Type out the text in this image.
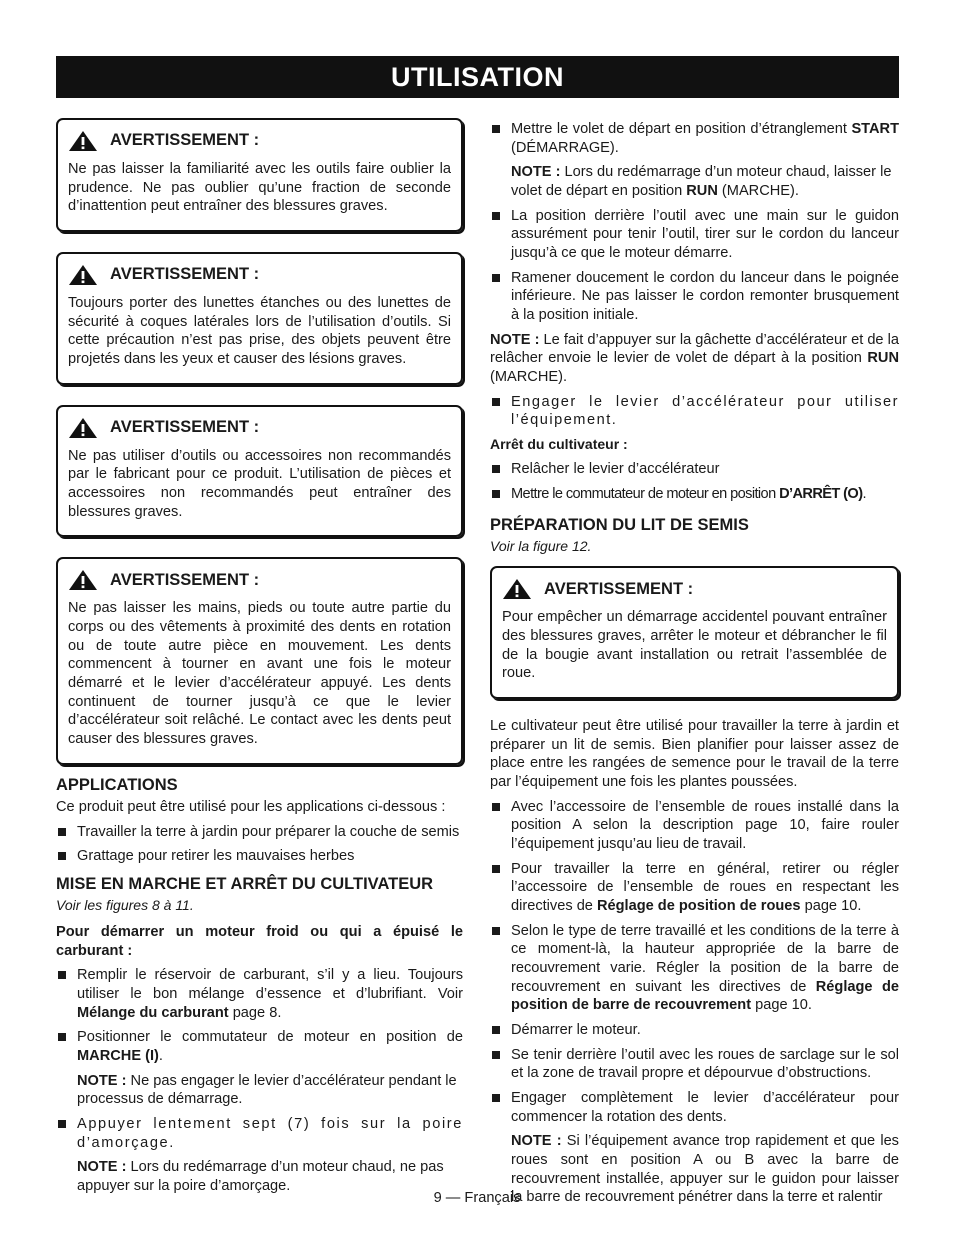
UTILISATION
AVERTISSEMENT :

Ne pas laisser la familiarité avec les outils faire oublier la prudence. Ne pas oublier qu’une fraction de seconde d’inattention peut entraîner des blessures graves.

AVERTISSEMENT :

Toujours porter des lunettes étanches ou des lunettes de sécurité à coques latérales lors de l’utilisation d’outils. Si cette précaution n’est pas prise, des objets peuvent être projetés dans les yeux et causer des lésions graves.

AVERTISSEMENT :

Ne pas utiliser d’outils ou accessoires non recommandés par le fabricant pour ce produit. L’utilisation de pièces et accessoires non recommandés peut entraîner des blessures graves.

AVERTISSEMENT :

Ne pas laisser les mains, pieds ou toute autre partie du corps ou des vêtements à proximité des dents en rotation ou de toute autre pièce en mouvement. Les dents commencent à tourner en avant une fois le moteur démarré et le levier d’accélérateur appuyé. Les dents continuent de tourner jusqu’à ce que le levier d’accélérateur soit relâché. Le contact avec les dents peut causer des blessures graves.

APPLICATIONS

Ce produit peut être utilisé pour les applications ci-dessous :

Travailler la terre à jardin pour préparer la couche de semis
Grattage pour retirer les mauvaises herbes
MISE EN MARCHE ET ARRÊT DU CULTIVATEUR
Voir les figures 8 à 11.

Pour démarrer un moteur froid ou qui a épuisé le carburant :

Remplir le réservoir de carburant, s’il y a lieu. Toujours utiliser le bon mélange d’essence et d’lubrifiant. Voir Mélange du carburant page 8.
Positionner le commutateur de moteur en position de MARCHE (I).

NOTE : Ne pas engager le levier d’accélérateur pendant le processus de démarrage.

Appuyer lentement sept (7) fois sur la poire d’amorçage.

NOTE : Lors du redémarrage d’un moteur chaud, ne pas appuyer sur la poire d’amorçage.

Mettre le volet de départ en position d’étranglement START (DÉMARRAGE).

NOTE : Lors du redémarrage d’un moteur chaud, laisser le volet de départ en position RUN (MARCHE).

La position derrière l’outil avec une main sur le guidon assurément pour tenir l’outil, tirer sur le cordon du lanceur jusqu’à ce que le moteur démarre.
Ramener doucement le cordon du lanceur dans le poignée inférieure. Ne pas laisser le cordon remonter brusquement à la position initiale.

NOTE : Le fait d’appuyer sur la gâchette d’accélérateur et de la relâcher envoie le levier de volet de départ à la position RUN (MARCHE).

Engager le levier d’accélérateur pour utiliser l’équipement.

Arrêt du cultivateur :

Relâcher le levier d’accélérateur
Mettre le commutateur de moteur en position D’ARRÊT (O).
PRÉPARATION DU LIT DE SEMIS
Voir la figure 12.
AVERTISSEMENT :

Pour empêcher un démarrage accidentel pouvant entraîner des blessures graves, arrêter le moteur et débrancher le fil de la bougie avant installation ou retrait l’assemblée de roue.

Le cultivateur peut être utilisé pour travailler la terre à jardin et préparer un lit de semis. Bien planifier pour laisser assez de place entre les rangées de semence pour le travail de la terre par l’équipement une fois les plantes poussées.

Avec l’accessoire de l’ensemble de roues installé dans la position A selon la description page 10, faire rouler l’équipement jusqu’au lieu de travail.
Pour travailler la terre en général, retirer ou régler l’accessoire de l’ensemble de roues en respectant les directives de Réglage de position de roues page 10.
Selon le type de terre travaillé et les conditions de la terre à ce moment-là, la hauteur appropriée de la barre de recouvrement varie. Régler la position de la barre de recouvrement en suivant les directives de Réglage de position de barre de recouvrement page 10.
Démarrer le moteur.
Se tenir derrière l’outil avec les roues de sarclage sur le sol et la zone de travail propre et dépourvue d’obstructions.
Engager complètement le levier d’accélérateur pour commencer la rotation des dents.

NOTE : Si l’équipement avance trop rapidement et que les roues sont en position A ou B avec la barre de recouvrement installée, appuyer sur le guidon pour laisser la barre de recouvrement pénétrer dans la terre et ralentir

9 — Français
